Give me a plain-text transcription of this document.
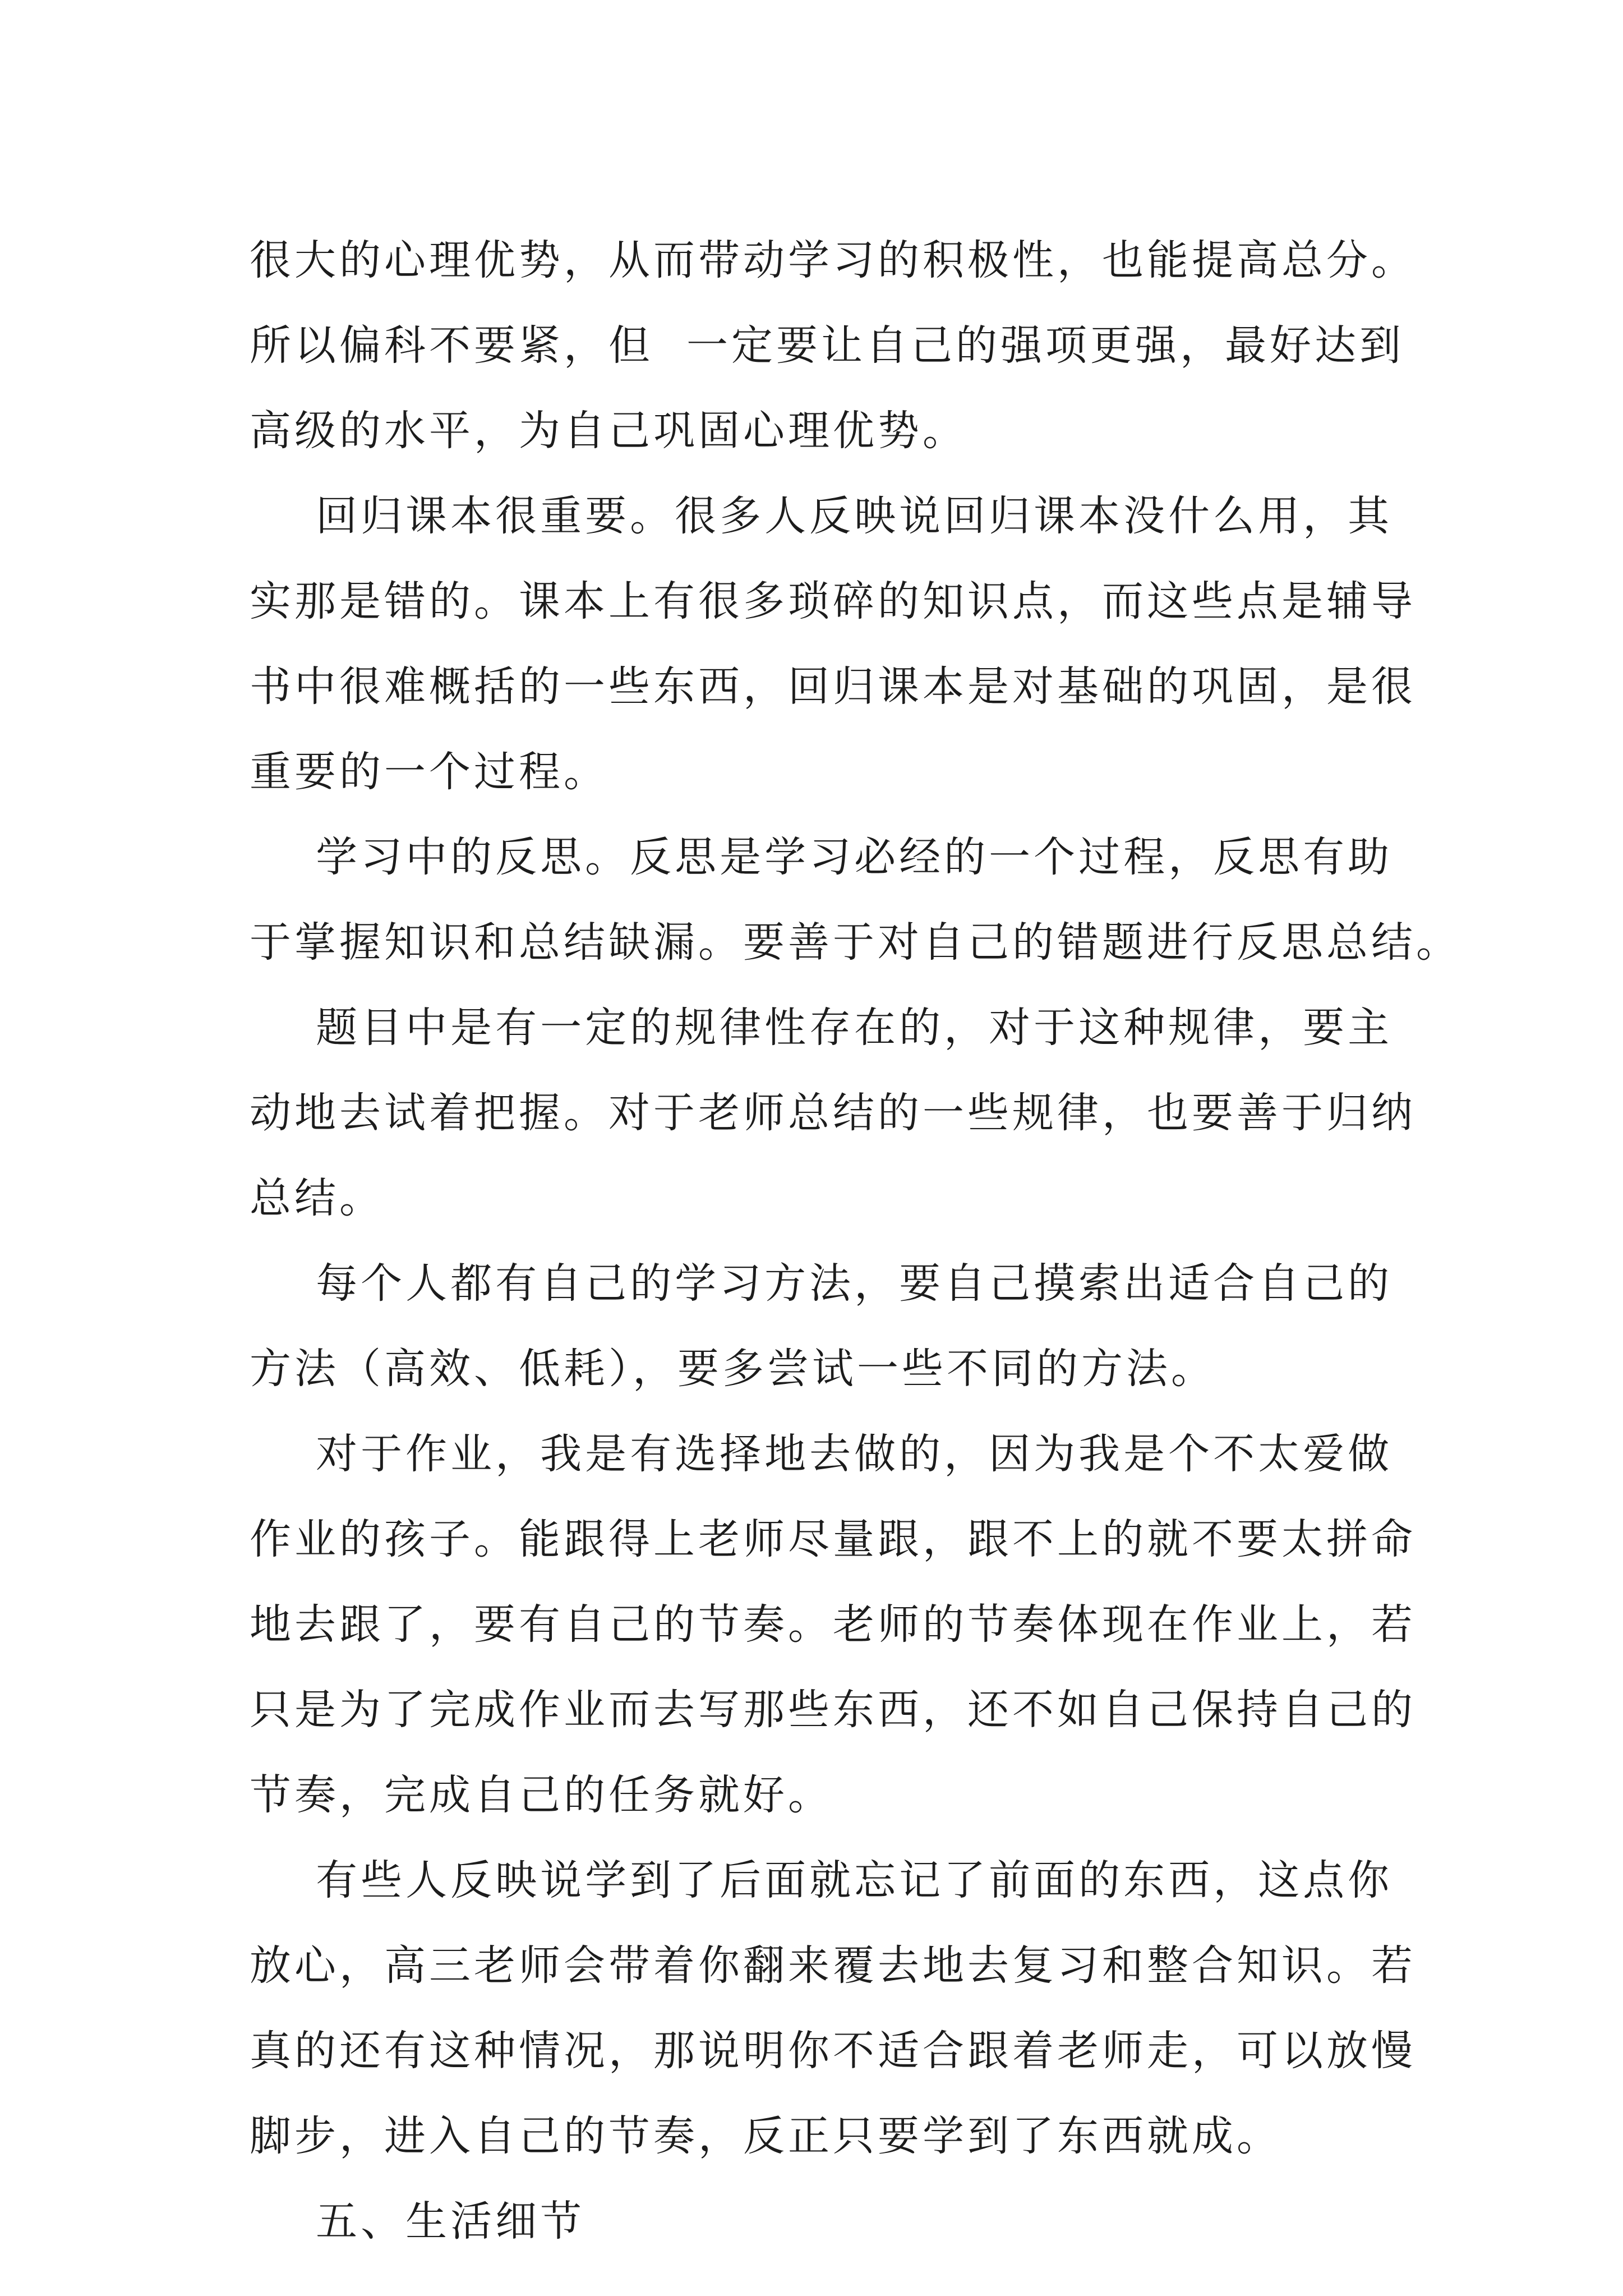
很大的心理优势，从而带动学习的积极性，也能提高总分。
所以偏科不要紧，但  一定要让自己的强项更强，最好达到
高级的水平，为自己巩固心理优势。
回归课本很重要。很多人反映说回归课本没什么用，其
实那是错的。课本上有很多琐碎的知识点，而这些点是辅导
书中很难概括的一些东西，回归课本是对基础的巩固，是很
重要的一个过程。
学习中的反思。反思是学习必经的一个过程，反思有助
于掌握知识和总结缺漏。要善于对自己的错题进行反思总结。
题目中是有一定的规律性存在的，对于这种规律，要主
动地去试着把握。对于老师总结的一些规律，也要善于归纳
总结。
每个人都有自己的学习方法，要自己摸索出适合自己的
方法（高效、低耗），要多尝试一些不同的方法。
对于作业，我是有选择地去做的，因为我是个不太爱做
作业的孩子。能跟得上老师尽量跟，跟不上的就不要太拼命
地去跟了，要有自己的节奏。老师的节奏体现在作业上，若
只是为了完成作业而去写那些东西，还不如自己保持自己的
节奏，完成自己的任务就好。
有些人反映说学到了后面就忘记了前面的东西，这点你
放心，高三老师会带着你翻来覆去地去复习和整合知识。若
真的还有这种情况，那说明你不适合跟着老师走，可以放慢
脚步，进入自己的节奏，反正只要学到了东西就成。
五、生活细节
